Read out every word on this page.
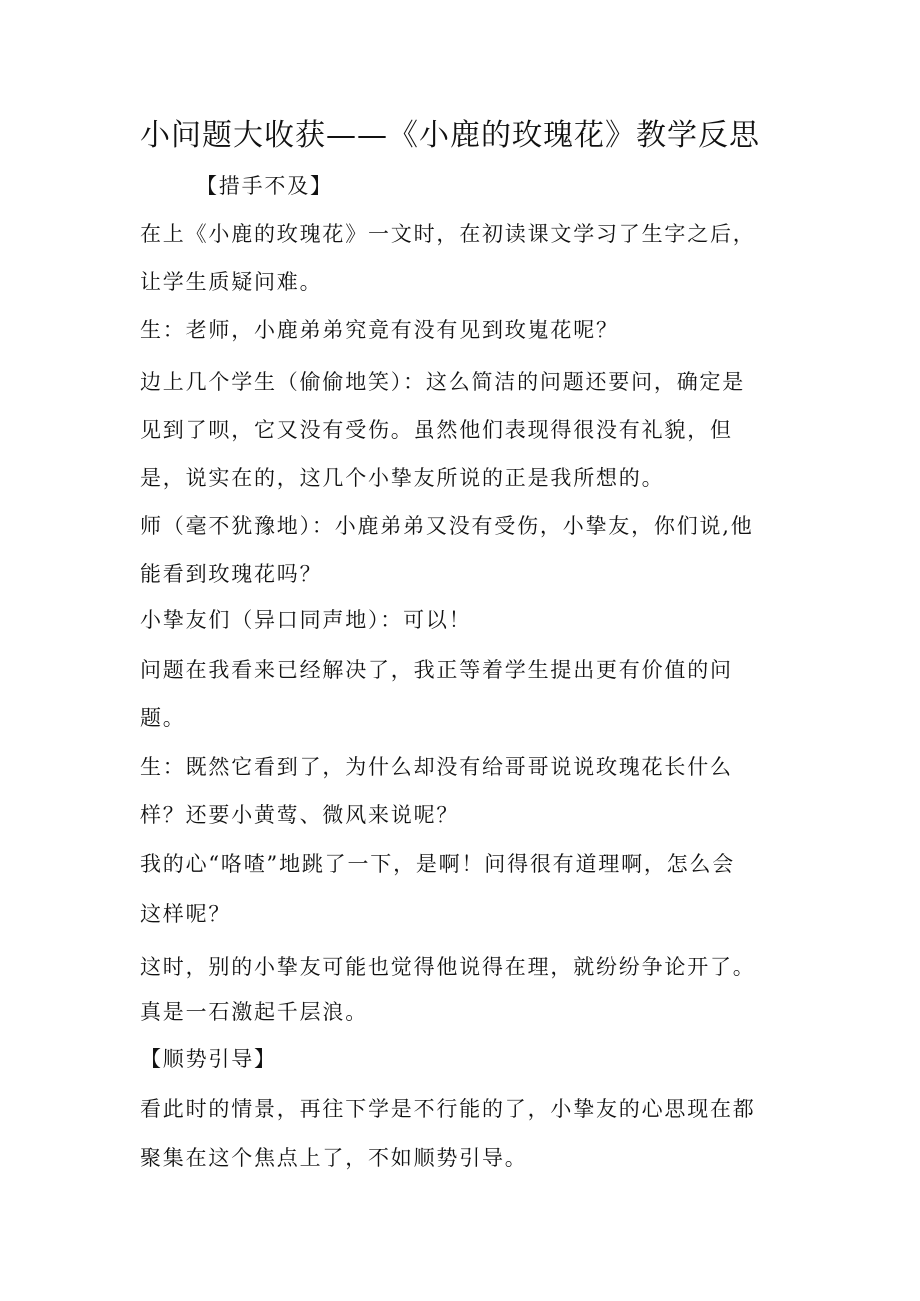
小问题大收获——《小鹿的玫瑰花》教学反思
【措手不及】
在上《小鹿的玫瑰花》一文时，在初读课文学习了生字之后，
让学生质疑问难。
生：老师，小鹿弟弟究竟有没有见到玫嵬花呢？
边上几个学生（偷偷地笑）：这么简洁的问题还要问，确定是
见到了呗，它又没有受伤。虽然他们表现得很没有礼貌，但
是，说实在的，这几个小挚友所说的正是我所想的。
师（毫不犹豫地）：小鹿弟弟又没有受伤，小挚友，你们说,他
能看到玫瑰花吗？
小挚友们（异口同声地）：可以！
问题在我看来已经解决了，我正等着学生提出更有价值的问
题。
生：既然它看到了，为什么却没有给哥哥说说玫瑰花长什么
样？还要小黄莺、微风来说呢？
我的心“咯喳”地跳了一下，是啊！问得很有道理啊，怎么会
这样呢？
这时，别的小挚友可能也觉得他说得在理，就纷纷争论开了。
真是一石激起千层浪。
【顺势引导】
看此时的情景，再往下学是不行能的了，小挚友的心思现在都
聚集在这个焦点上了，不如顺势引导。
